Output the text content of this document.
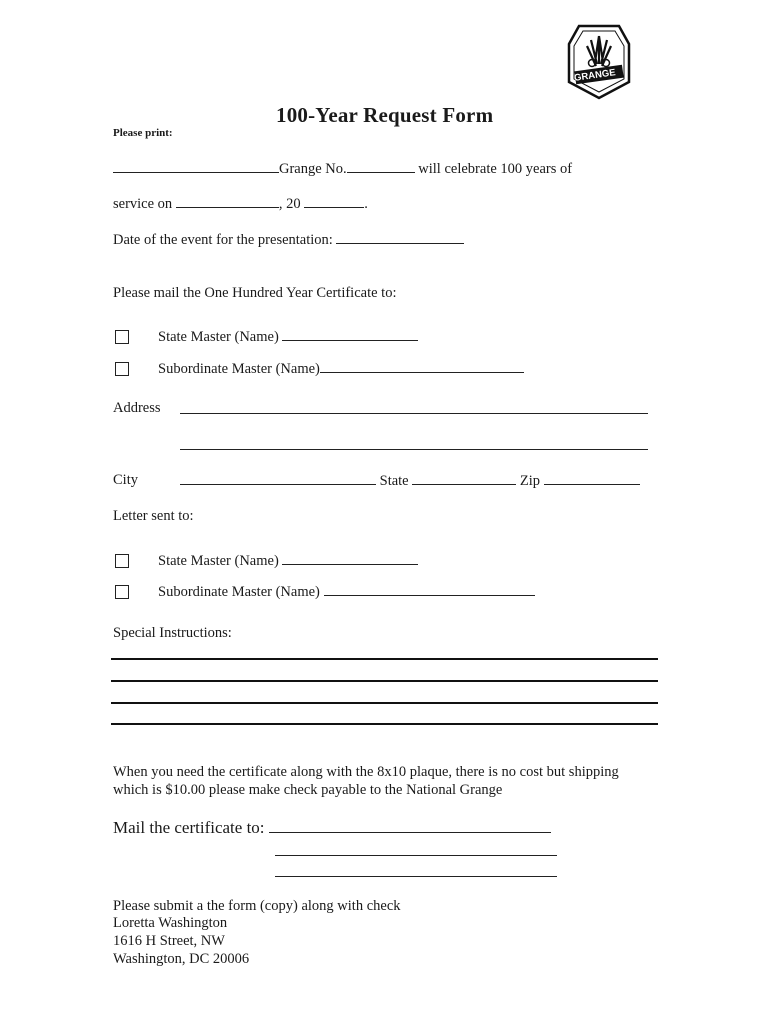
GRANGE
100-Year Request Form
Please print:
Grange No.	will celebrate 100 years of
service on	, 20	.
Date of the event for the presentation:
Please mail the One Hundred Year Certificate to:
State Master (Name)
Subordinate Master (Name)
Address
City	State	Zip
Letter sent to:
State Master (Name)
Subordinate Master (Name)
Special Instructions:
When you need the certificate along with the 8x10 plaque, there is no cost but shipping
which is $10.00 please make check payable to the National Grange
Mail the certificate to:
Please submit a the form (copy) along with check
Loretta Washington
1616 H Street, NW
Washington, DC 20006
